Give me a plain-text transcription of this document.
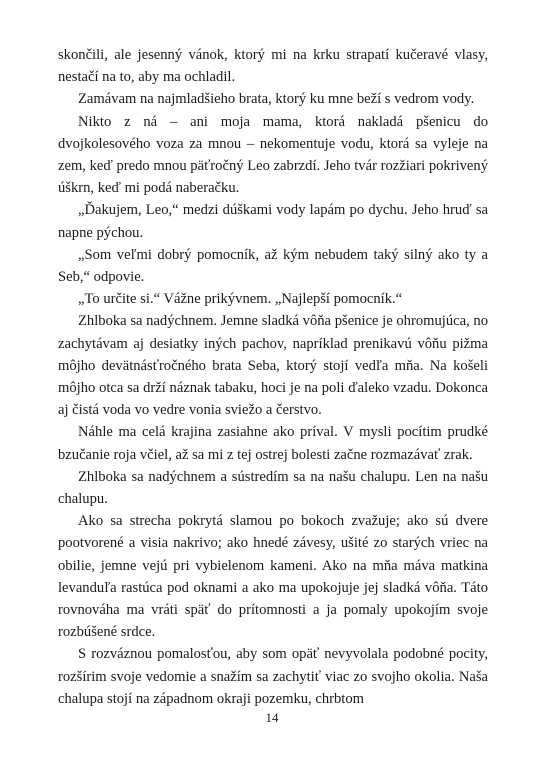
skončili, ale jesenný vánok, ktorý mi na krku strapatí kučeravé vlasy, nestačí na to, aby ma ochladil.

Zamávam na najmladšieho brata, ktorý ku mne beží s vedrom vody.

Nikto z ná – ani moja mama, ktorá nakladá pšenicu do dvojkolesového voza za mnou – nekomentuje vodu, ktorá sa vyleje na zem, keď predo mnou päťročný Leo zabrzdí. Jeho tvár rozžiari pokrivený úškrn, keď mi podá naberačku.

„Ďakujem, Leo,“ medzi dúškami vody lapám po dychu. Jeho hruď sa napne pýchou.

„Som veľmi dobrý pomocník, až kým nebudem taký silný ako ty a Seb,“ odpovie.

„To určite si.“ Vážne prikývnem. „Najlepší pomocník.“

Zhlboka sa nadýchnem. Jemne sladká vôňa pšenice je ohromujúca, no zachytávam aj desiatky iných pachov, napríklad prenikavú vôňu pižma môjho devätnásťročného brata Seba, ktorý stojí vedľa mňa. Na košeli môjho otca sa drží náznak tabaku, hoci je na poli ďaleko vzadu. Dokonca aj čistá voda vo vedre vonia sviežo a čerstvo.

Náhle ma celá krajina zasiahne ako príval. V mysli pocítim prudké bzučanie roja včiel, až sa mi z tej ostrej bolesti začne rozmazávať zrak.

Zhlboka sa nadýchnem a sústredím sa na našu chalupu. Len na našu chalupu.

Ako sa strecha pokrytá slamou po bokoch zvažuje; ako sú dvere pootvorené a visia nakrivo; ako hnedé závesy, ušité zo starých vriec na obilie, jemne vejú pri vybielenom kameni. Ako na mňa máva matkina levanduľa rastúca pod oknami a ako ma upokojuje jej sladká vôňa. Táto rovnováha ma vráti späť do prítomnosti a ja pomaly upokojím svoje rozbúšené srdce.

S rozváznou pomalosťou, aby som opäť nevyvolala podobné pocity, rozšírim svoje vedomie a snažím sa zachytiť viac zo svojho okolia. Naša chalupa stojí na západnom okraji pozemku, chrbtom

14
